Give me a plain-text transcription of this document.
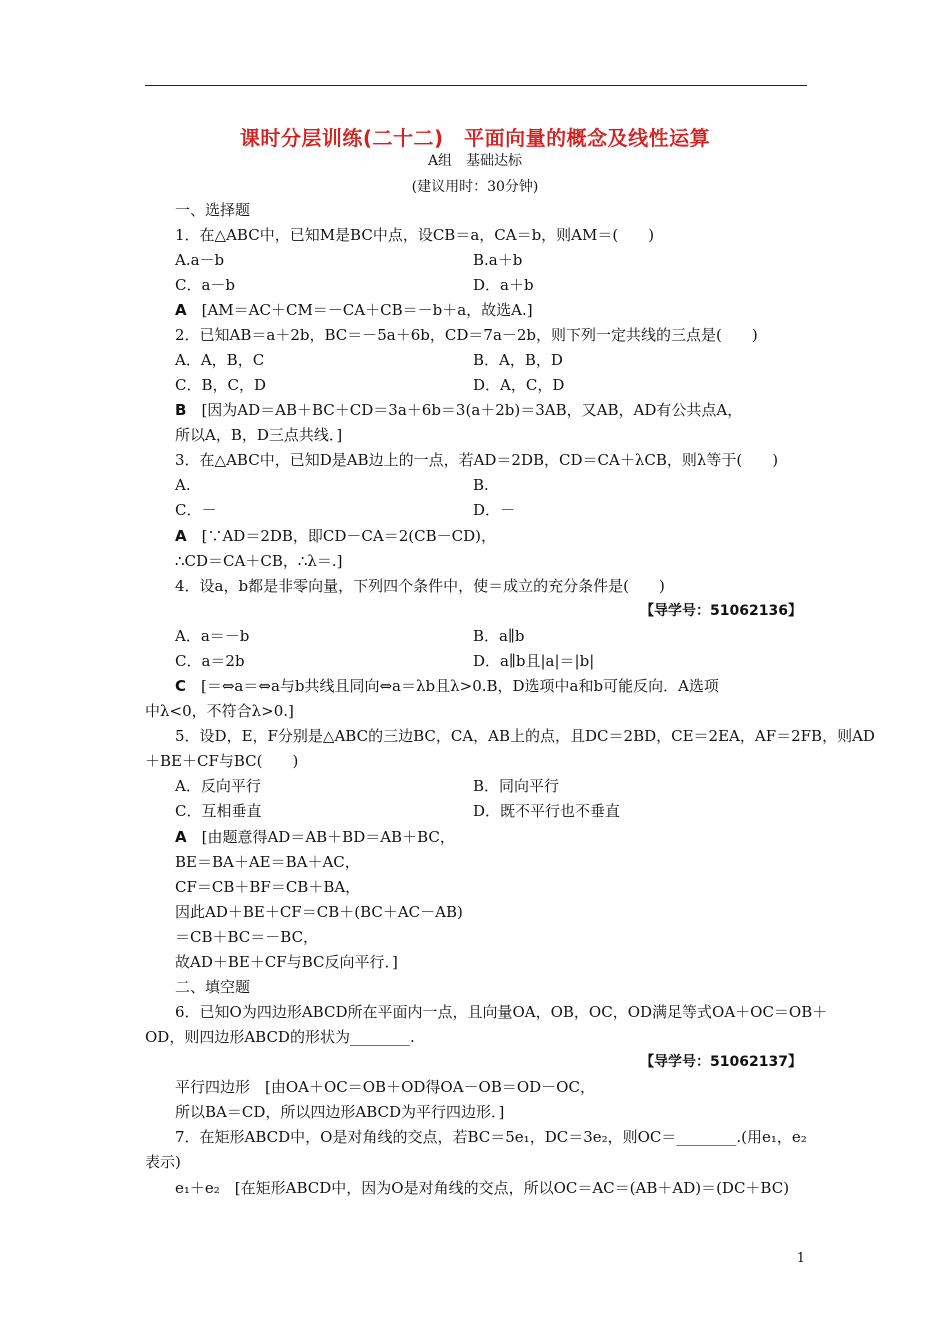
课时分层训练(二十二)　平面向量的概念及线性运算
A组　基础达标
(建议用时：30分钟)
一、选择题
1．在△ABC中，已知M是BC中点，设CB＝a，CA＝b，则AM＝(　　)
A.a－b	B.a＋b
C．a－b	D．a＋b
A　[AM＝AC＋CM＝－CA＋CB＝－b＋a，故选A.]
2．已知AB＝a＋2b，BC＝－5a＋6b，CD＝7a－2b，则下列一定共线的三点是(　　)
A．A，B，C	B．A，B，D
C．B，C，D	D．A，C，D
B　[因为AD＝AB＋BC＋CD＝3a＋6b＝3(a＋2b)＝3AB，又AB，AD有公共点A，
所以A，B，D三点共线．]
3．在△ABC中，已知D是AB边上的一点，若AD＝2DB，CD＝CA＋λCB，则λ等于(　　)
A.	B.
C．－	D．－
A　[∵AD＝2DB，即CD－CA＝2(CB－CD)，
∴CD＝CA＋CB，∴λ＝.]
4．设a，b都是非零向量，下列四个条件中，使＝成立的充分条件是(　　)
【导学号：51062136】
A．a＝－b	B．a∥b
C．a＝2b	D．a∥b且|a|＝|b|
C　[＝⇔a＝⇔a与b共线且同向⇔a＝λb且λ>0.B，D选项中a和b可能反向．A选项
中λ<0，不符合λ>0.]
5．设D，E，F分别是△ABC的三边BC，CA，AB上的点，且DC＝2BD，CE＝2EA，AF＝2FB，则AD
＋BE＋CF与BC(　　)
A．反向平行	B．同向平行
C．互相垂直	D．既不平行也不垂直
A　[由题意得AD＝AB＋BD＝AB＋BC，
BE＝BA＋AE＝BA＋AC，
CF＝CB＋BF＝CB＋BA，
因此AD＋BE＋CF＝CB＋(BC＋AC－AB)
＝CB＋BC＝－BC，
故AD＋BE＋CF与BC反向平行．]
二、填空题
6．已知O为四边形ABCD所在平面内一点，且向量OA，OB，OC，OD满足等式OA＋OC＝OB＋
OD，则四边形ABCD的形状为________.
【导学号：51062137】
平行四边形　[由OA＋OC＝OB＋OD得OA－OB＝OD－OC，
所以BA＝CD，所以四边形ABCD为平行四边形．]
7．在矩形ABCD中，O是对角线的交点，若BC＝5e₁，DC＝3e₂，则OC＝________.(用e₁，e₂
表示)
e₁＋e₂　[在矩形ABCD中，因为O是对角线的交点，所以OC＝AC＝(AB＋AD)＝(DC＋BC)
1
